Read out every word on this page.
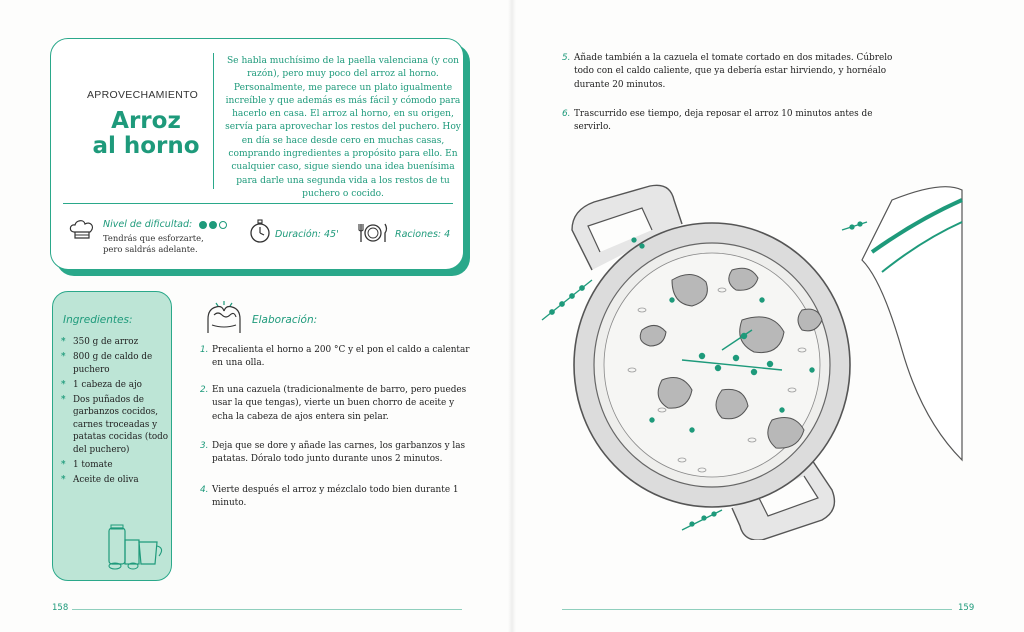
APROVECHAMIENTO
Arroz
al horno
Se habla muchísimo de la paella valenciana (y con razón), pero muy poco del arroz al horno. Personalmente, me parece un plato igualmente increíble y que además es más fácil y cómodo para hacerlo en casa. El arroz al horno, en su origen, servía para aprovechar los restos del puchero. Hoy en día se hace desde cero en muchas casas, comprando ingredientes a propósito para ello. En cualquier caso, sigue siendo una idea buenísima para darle una segunda vida a los restos de tu puchero o cocido.
Nivel de dificultad:
Tendrás que esforzarte,
pero saldrás adelante.
Duración: 45'	Raciones: 4
Ingredientes:
* 350 g de arroz
* 800 g de caldo de puchero
* 1 cabeza de ajo
* Dos puñados de garbanzos cocidos, carnes troceadas y patatas cocidas (todo del puchero)
* 1 tomate
* Aceite de oliva
Elaboración:
1. Precalienta el horno a 200 °C y el pon el caldo a calentar en una olla.
2. En una cazuela (tradicionalmente de barro, pero puedes usar la que tengas), vierte un buen chorro de aceite y echa la cabeza de ajos entera sin pelar.
3. Deja que se dore y añade las carnes, los garbanzos y las patatas. Dóralo todo junto durante unos 2 minutos.
4. Vierte después el arroz y mézclalo todo bien durante 1 minuto.
158
5. Añade también a la cazuela el tomate cortado en dos mitades. Cúbrelo todo con el caldo caliente, que ya debería estar hirviendo, y hornéalo durante 20 minutos.
6. Trascurrido ese tiempo, deja reposar el arroz 10 minutos antes de servirlo.
159
